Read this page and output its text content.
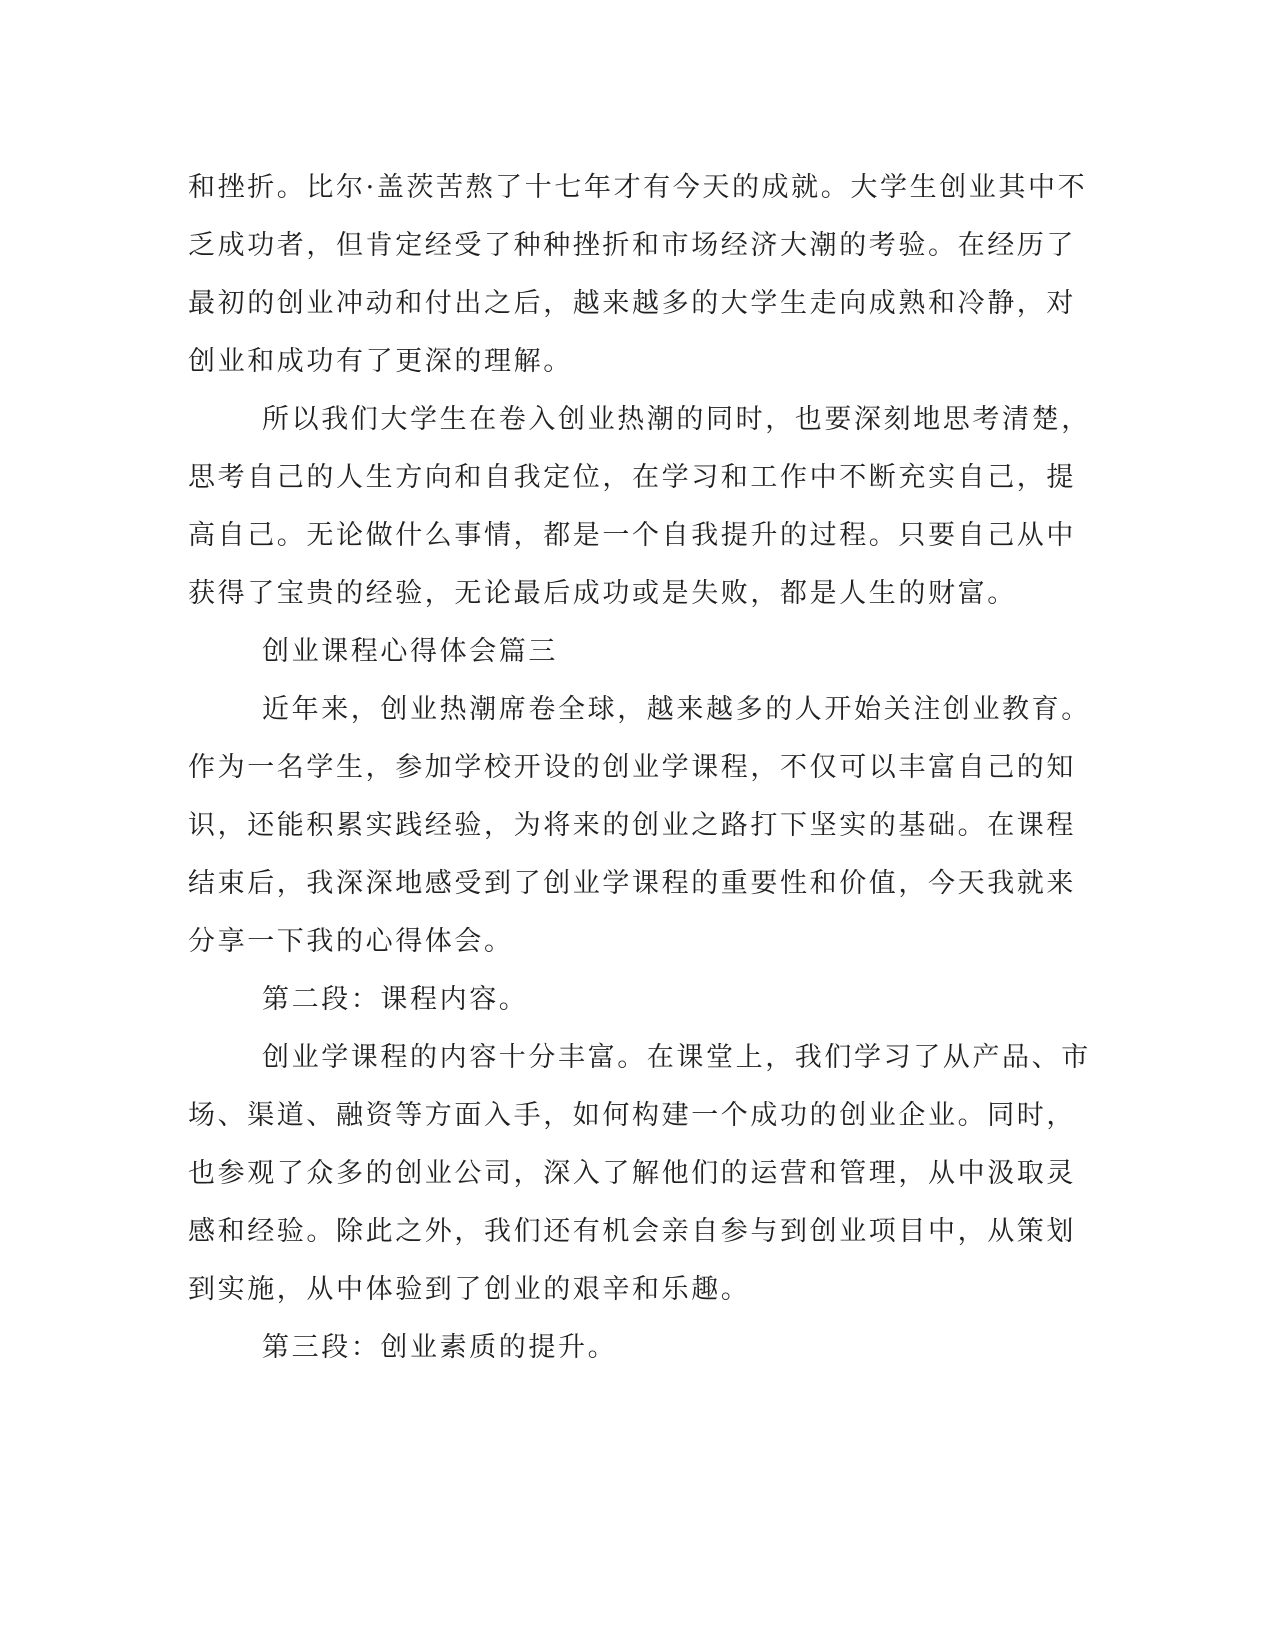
和挫折。比尔·盖茨苦熬了十七年才有今天的成就。大学生创业其中不
乏成功者，但肯定经受了种种挫折和市场经济大潮的考验。在经历了
最初的创业冲动和付出之后，越来越多的大学生走向成熟和冷静，对
创业和成功有了更深的理解。
所以我们大学生在卷入创业热潮的同时，也要深刻地思考清楚，
思考自己的人生方向和自我定位，在学习和工作中不断充实自己，提
高自己。无论做什么事情，都是一个自我提升的过程。只要自己从中
获得了宝贵的经验，无论最后成功或是失败，都是人生的财富。
创业课程心得体会篇三
近年来，创业热潮席卷全球，越来越多的人开始关注创业教育。
作为一名学生，参加学校开设的创业学课程，不仅可以丰富自己的知
识，还能积累实践经验，为将来的创业之路打下坚实的基础。在课程
结束后，我深深地感受到了创业学课程的重要性和价值，今天我就来
分享一下我的心得体会。
第二段：课程内容。
创业学课程的内容十分丰富。在课堂上，我们学习了从产品、市
场、渠道、融资等方面入手，如何构建一个成功的创业企业。同时，
也参观了众多的创业公司，深入了解他们的运营和管理，从中汲取灵
感和经验。除此之外，我们还有机会亲自参与到创业项目中，从策划
到实施，从中体验到了创业的艰辛和乐趣。
第三段：创业素质的提升。
